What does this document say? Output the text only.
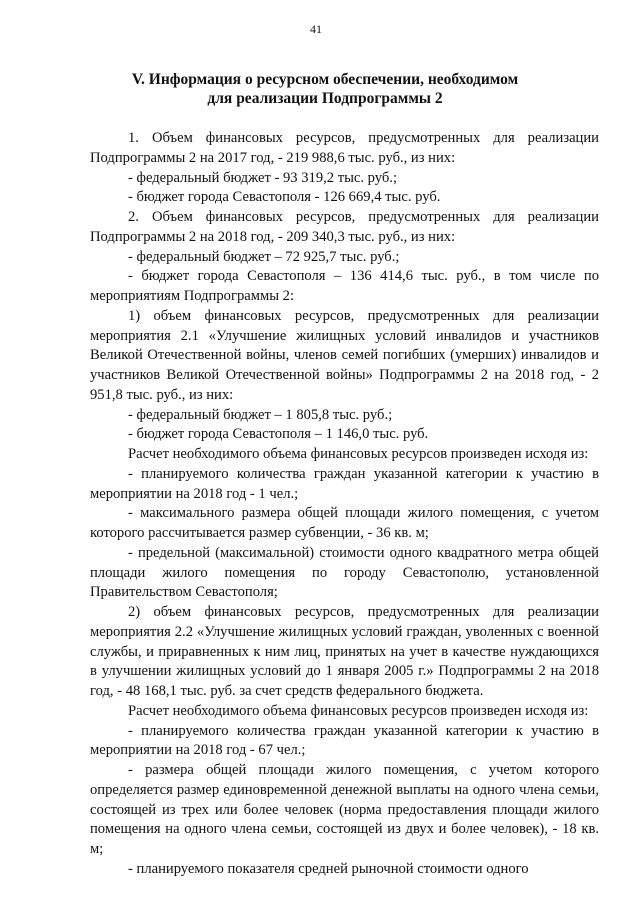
41
V. Информация о ресурсном обеспечении, необходимом
для реализации Подпрограммы 2

1. Объем финансовых ресурсов, предусмотренных для реализации Подпрограммы 2 на 2017 год, - 219 988,6 тыс. руб., из них:

- федеральный бюджет - 93 319,2 тыс. руб.;

- бюджет города Севастополя - 126 669,4 тыс. руб.

2. Объем финансовых ресурсов, предусмотренных для реализации Подпрограммы 2 на 2018 год, - 209 340,3 тыс. руб., из них:

- федеральный бюджет – 72 925,7 тыс. руб.;

- бюджет города Севастополя – 136 414,6 тыс. руб., в том числе по мероприятиям Подпрограммы 2:

1) объем финансовых ресурсов, предусмотренных для реализации мероприятия 2.1 «Улучшение жилищных условий инвалидов и участников Великой Отечественной войны, членов семей погибших (умерших) инвалидов и участников Великой Отечественной войны» Подпрограммы 2 на 2018 год, - 2 951,8 тыс. руб., из них:

- федеральный бюджет – 1 805,8 тыс. руб.;

- бюджет города Севастополя – 1 146,0 тыс. руб.

Расчет необходимого объема финансовых ресурсов произведен исходя из:

- планируемого количества граждан указанной категории к участию в мероприятии на 2018 год - 1 чел.;

- максимального размера общей площади жилого помещения, с учетом которого рассчитывается размер субвенции, - 36 кв. м;

- предельной (максимальной) стоимости одного квадратного метра общей площади жилого помещения по городу Севастополю, установленной Правительством Севастополя;

2) объем финансовых ресурсов, предусмотренных для реализации мероприятия 2.2 «Улучшение жилищных условий граждан, уволенных с военной службы, и приравненных к ним лиц, принятых на учет в качестве нуждающихся в улучшении жилищных условий до 1 января 2005 г.» Подпрограммы 2 на 2018 год, - 48 168,1 тыс. руб. за счет средств федерального бюджета.

Расчет необходимого объема финансовых ресурсов произведен исходя из:

- планируемого количества граждан указанной категории к участию в мероприятии на 2018 год - 67 чел.;

- размера общей площади жилого помещения, с учетом которого определяется размер единовременной денежной выплаты на одного члена семьи, состоящей из трех или более человек (норма предоставления площади жилого помещения на одного члена семьи, состоящей из двух и более человек), - 18 кв. м;

- планируемого показателя средней рыночной стоимости одного
